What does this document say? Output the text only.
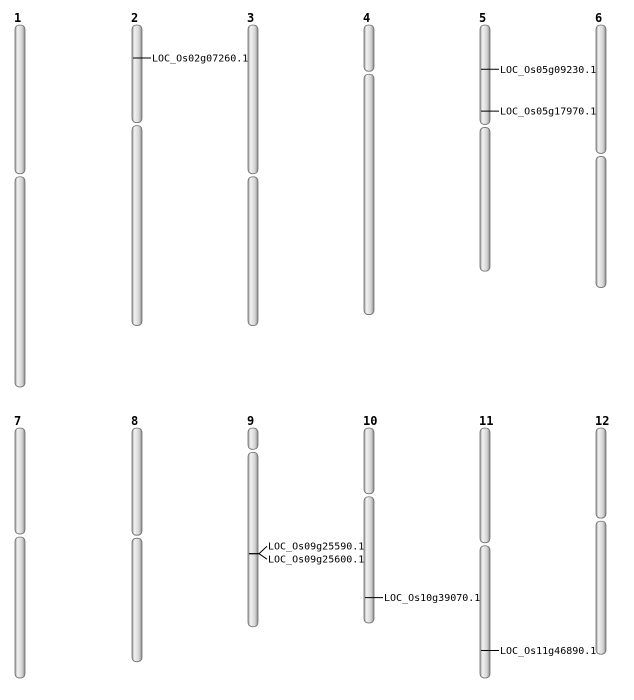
1	2
LOC_Os02g07260.1
3	4	5
LOC_Os05g09230.1
LOC_Os05g17970.1
6
7	8	9
LOC_Os09g25590.1
LOC_Os09g25600.1
10
LOC_Os10g39070.1
11
LOC_Os11g46890.1
12
